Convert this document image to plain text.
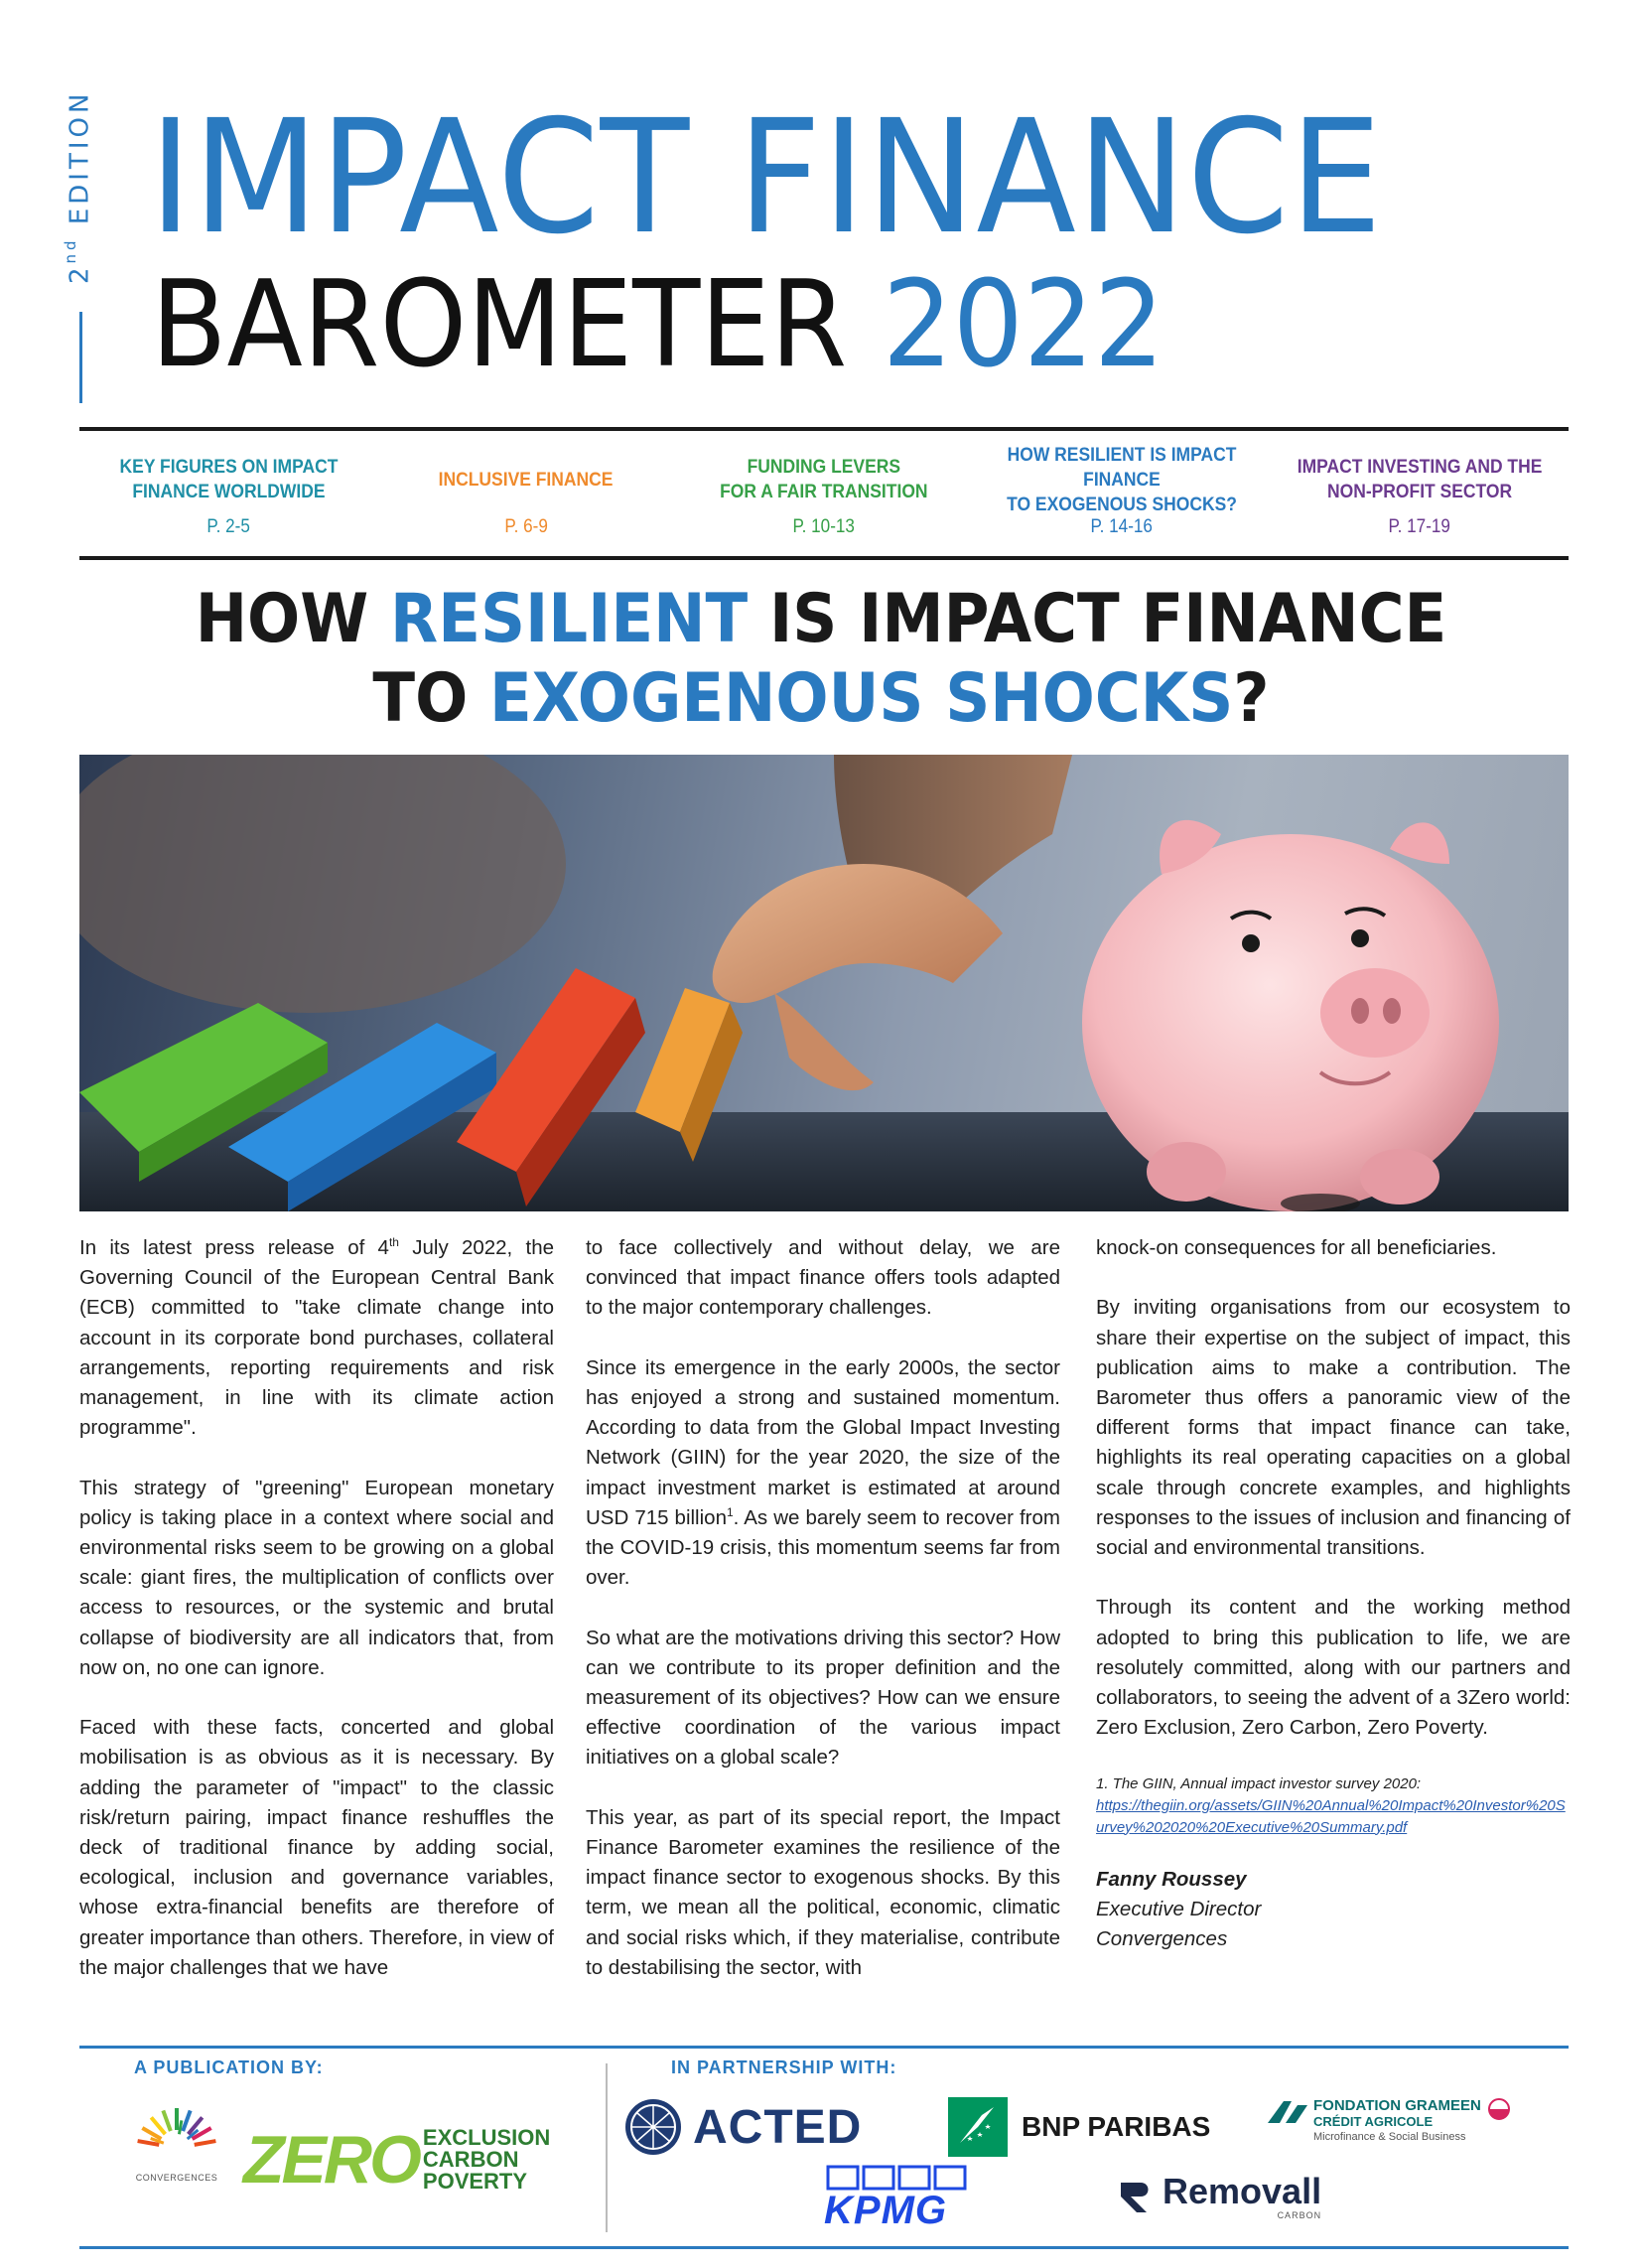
2nd EDITION IMPACT FINANCE
BAROMETER 2022
KEY FIGURES ON IMPACT
FINANCE WORLDWIDE
P. 2-5
INCLUSIVE FINANCE
P. 6-9
FUNDING LEVERS
FOR A FAIR TRANSITION
P. 10-13
HOW RESILIENT IS IMPACT FINANCE
TO EXOGENOUS SHOCKS?
P. 14-16
IMPACT INVESTING AND THE
NON-PROFIT SECTOR
P. 17-19
HOW RESILIENT IS IMPACT FINANCE
TO EXOGENOUS SHOCKS?

In its latest press release of 4th July 2022, the Governing Council of the European Central Bank (ECB) committed to "take climate change into account in its corporate bond purchases, collateral arrangements, reporting requirements and risk management, in line with its climate action programme".

This strategy of "greening" European monetary policy is taking place in a context where social and environmental risks seem to be growing on a global scale: giant fires, the multiplication of conflicts over access to resources, or the systemic and brutal collapse of biodiversity are all indicators that, from now on, no one can ignore.

Faced with these facts, concerted and global mobilisation is as obvious as it is necessary. By adding the parameter of "impact" to the classic risk/return pairing, impact finance reshuffles the deck of traditional finance by adding social, ecological, inclusion and governance variables, whose extra-financial benefits are therefore of greater importance than others. Therefore, in view of the major challenges that we have

to face collectively and without delay, we are convinced that impact finance offers tools adapted to the major contemporary challenges.

Since its emergence in the early 2000s, the sector has enjoyed a strong and sustained momentum. According to data from the Global Impact Investing Network (GIIN) for the year 2020, the size of the impact investment market is estimated at around USD 715 billion$^1$. As we barely seem to recover from the COVID-19 crisis, this momentum seems far from over.

So what are the motivations driving this sector? How can we contribute to its proper definition and the measurement of its objectives? How can we ensure effective coordination of the various impact initiatives on a global scale?

This year, as part of its special report, the Impact Finance Barometer examines the resilience of the impact finance sector to exogenous shocks. By this term, we mean all the political, economic, climatic and social risks which, if they materialise, contribute to destabilising the sector, with

knock-on consequences for all beneficiaries.

By inviting organisations from our ecosystem to share their expertise on the subject of impact, this publication aims to make a contribution. The Barometer thus offers a panoramic view of the different forms that impact finance can take, highlights its real operating capacities on a global scale through concrete examples, and highlights responses to the issues of inclusion and financing of social and environmental transitions.

Through its content and the working method adopted to bring this publication to life, we are resolutely committed, along with our partners and collaborators, to seeing the advent of a 3Zero world: Zero Exclusion, Zero Carbon, Zero Poverty.

1. The GIIN, Annual impact investor survey 2020:
https://thegiin.org/assets/GIIN%20Annual%20Impact%20Investor%20Survey%202020%20Executive%20Summary.pdf
Fanny Roussey
Executive Director
Convergences
A PUBLICATION BY:	IN PARTNERSHIP WITH:
CONVERGENCES ZERO EXCLUSION
CARBON
POVERTY
ACTED	BNP PARIBAS
FONDATION GRAMEEN
CRÉDIT AGRICOLE
Microfinance & Social Business
KPMG	Removall
CARBON
